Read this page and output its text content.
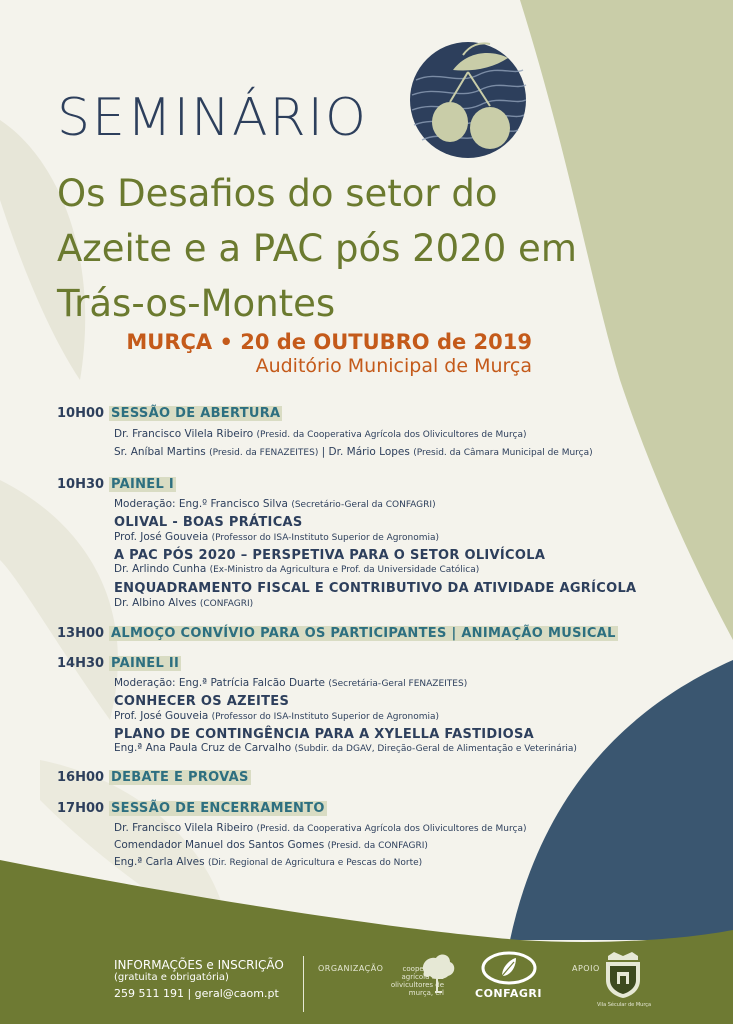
SEMINÁRIO
Os Desafios do setor do Azeite e a PAC pós 2020 em Trás-os-Montes
MURÇA • 20 de OUTUBRO de 2019
Auditório Municipal de Murça
10H00 SESSÃO DE ABERTURA
Dr. Francisco Vilela Ribeiro (Presid. da Cooperativa Agrícola dos Olivicultores de Murça)
Sr. Aníbal Martins (Presid. da FENAZEITES) | Dr. Mário Lopes (Presid. da Câmara Municipal de Murça)
10H30 PAINEL I
Moderação: Eng.º Francisco Silva (Secretário-Geral da CONFAGRI)
OLIVAL - BOAS PRÁTICAS
Prof. José Gouveia (Professor do ISA-Instituto Superior de Agronomia)
A PAC PÓS 2020 – PERSPETIVA PARA O SETOR OLIVÍCOLA
Dr. Arlindo Cunha (Ex-Ministro da Agricultura e Prof. da Universidade Católica)
ENQUADRAMENTO FISCAL E CONTRIBUTIVO DA ATIVIDADE AGRÍCOLA
Dr. Albino Alves (CONFAGRI)
13H00 ALMOÇO CONVÍVIO PARA OS PARTICIPANTES | ANIMAÇÃO MUSICAL
14H30 PAINEL II
Moderação: Eng.ª Patrícia Falcão Duarte (Secretária-Geral FENAZEITES)
CONHECER OS AZEITES
Prof. José Gouveia (Professor do ISA-Instituto Superior de Agronomia)
PLANO DE CONTINGÊNCIA PARA A XYLELLA FASTIDIOSA
Eng.ª Ana Paula Cruz de Carvalho (Subdir. da DGAV, Direção-Geral de Alimentação e Veterinária)
16H00 DEBATE E PROVAS
17H00 SESSÃO DE ENCERRAMENTO
Dr. Francisco Vilela Ribeiro (Presid. da Cooperativa Agrícola dos Olivicultores de Murça)
Comendador Manuel dos Santos Gomes (Presid. da CONFAGRI)
Eng.ª Carla Alves (Dir. Regional de Agricultura e Pescas do Norte)
INFORMAÇÕES e INSCRIÇÃO
(gratuita e obrigatória)
259 511 191 | geral@caom.pt
ORGANIZAÇÃO	cooperativa agrícola dos olivicultores de murça, crl	CONFAGRI
APOIO
Vila Sécular de Murça
